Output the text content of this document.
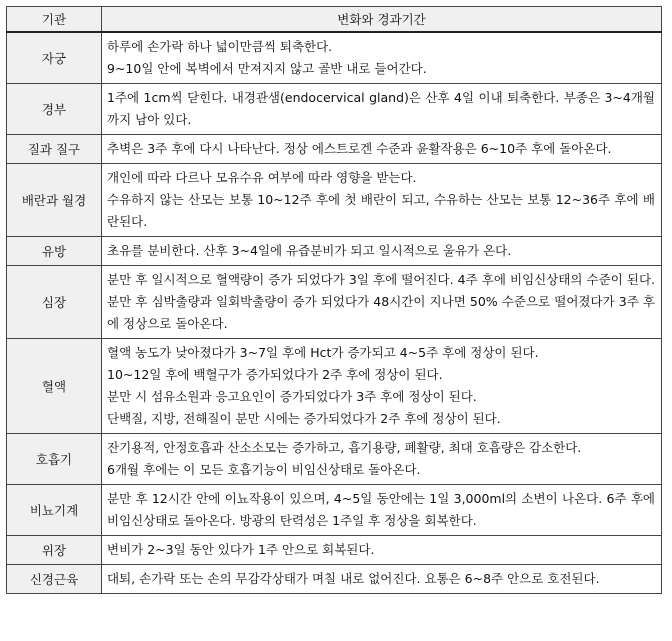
기관	변화와 경과기간
자궁	하루에 손가락 하나 넓이만큼씩 퇴축한다.
9~10일 안에 복벽에서 만져지지 않고 골반 내로 들어간다.

경부	1주에 1cm씩 닫힌다. 내경관샘(endocervical gland)은 산후 4일 이내 퇴축한다. 부종은 3~4개월까지 남아 있다.

질과 질구	추벽은 3주 후에 다시 나타난다. 정상 에스트로겐 수준과 윤활작용은 6~10주 후에 돌아온다.

배란과 월경	개인에 따라 다르나 모유수유 여부에 따라 영향을 받는다.
수유하지 않는 산모는 보통 10~12주 후에 첫 배란이 되고, 수유하는 산모는 보통 12~36주 후에 배란된다.

유방	초유를 분비한다. 산후 3~4일에 유즙분비가 되고 일시적으로 울유가 온다.

심장	분만 후 일시적으로 혈액량이 증가 되었다가 3일 후에 떨어진다. 4주 후에 비임신상태의 수준이 된다. 분만 후 심박출량과 일회박출량이 증가 되었다가 48시간이 지나면 50% 수준으로 떨어졌다가 3주 후에 정상으로 돌아온다.

혈액	혈액 농도가 낮아졌다가 3~7일 후에 Hct가 증가되고 4~5주 후에 정상이 된다.
10~12일 후에 백혈구가 증가되었다가 2주 후에 정상이 된다.
분만 시 섬유소원과 응고요인이 증가되었다가 3주 후에 정상이 된다.
단백질, 지방, 전해질이 분만 시에는 증가되었다가 2주 후에 정상이 된다.

호흡기	잔기용적, 안정호흡과 산소소모는 증가하고, 흡기용량, 폐활량, 최대 호흡량은 감소한다.
6개월 후에는 이 모든 호흡기능이 비임신상태로 돌아온다.

비뇨기계	분만 후 12시간 안에 이뇨작용이 있으며, 4~5일 동안에는 1일 3,000ml의 소변이 나온다. 6주 후에 비임신상태로 돌아온다. 방광의 탄력성은 1주일 후 정상을 회복한다.

위장	변비가 2~3일 동안 있다가 1주 안으로 회복된다.

신경근육	대퇴, 손가락 또는 손의 무감각상태가 며칠 내로 없어진다. 요통은 6~8주 안으로 호전된다.
